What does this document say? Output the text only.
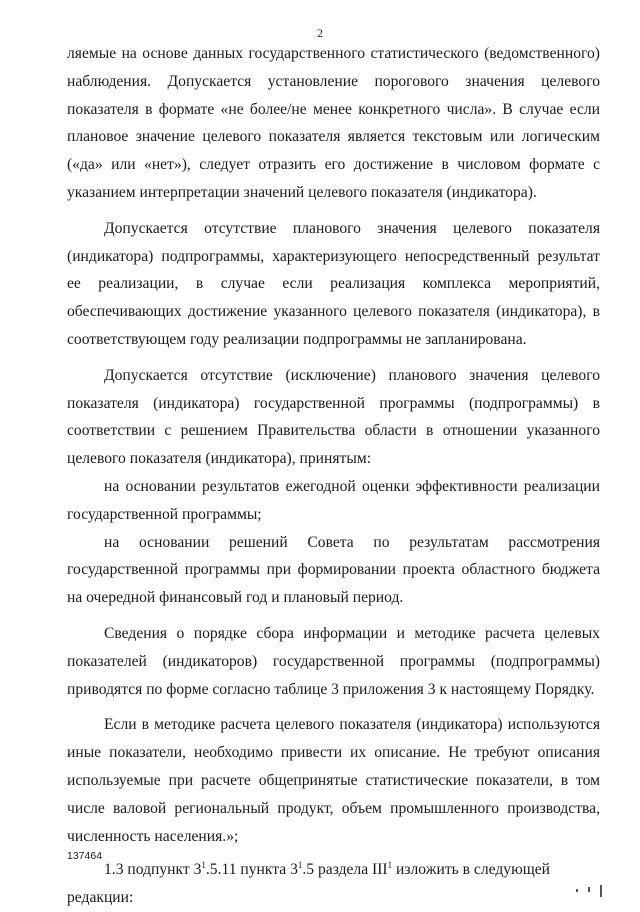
2

ляемые на основе данных государственного статистического (ведомственного) наблюдения. Допускается установление порогового значения целевого показателя в формате «не более/не менее конкретного числа». В случае если плановое значение целевого показателя является текстовым или логическим («да» или «нет»), следует отразить его достижение в числовом формате с указанием интерпретации значений целевого показателя (индикатора).

Допускается отсутствие планового значения целевого показателя (индикатора) подпрограммы, характеризующего непосредственный результат ее реализации, в случае если реализация комплекса мероприятий, обеспечивающих достижение указанного целевого показателя (индикатора), в соответствующем году реализации подпрограммы не запланирована.

Допускается отсутствие (исключение) планового значения целевого показателя (индикатора) государственной программы (подпрограммы) в соответствии с решением Правительства области в отношении указанного целевого показателя (индикатора), принятым:

на основании результатов ежегодной оценки эффективности реализации государственной программы;

на основании решений Совета по результатам рассмотрения государственной программы при формировании проекта областного бюджета на очередной финансовый год и плановый период.

Сведения о порядке сбора информации и методике расчета целевых показателей (индикаторов) государственной программы (подпрограммы) приводятся по форме согласно таблице 3 приложения 3 к настоящему Порядку.

Если в методике расчета целевого показателя (индикатора) используются иные показатели, необходимо привести их описание. Не требуют описания используемые при расчете общепринятые статистические показатели, в том числе валовой региональный продукт, объем промышленного производства, численность населения.»;

1.3 подпункт $3^1.5.11$ пункта $3^1.5$ раздела III$^1$ изложить в следующей редакции:

137464
